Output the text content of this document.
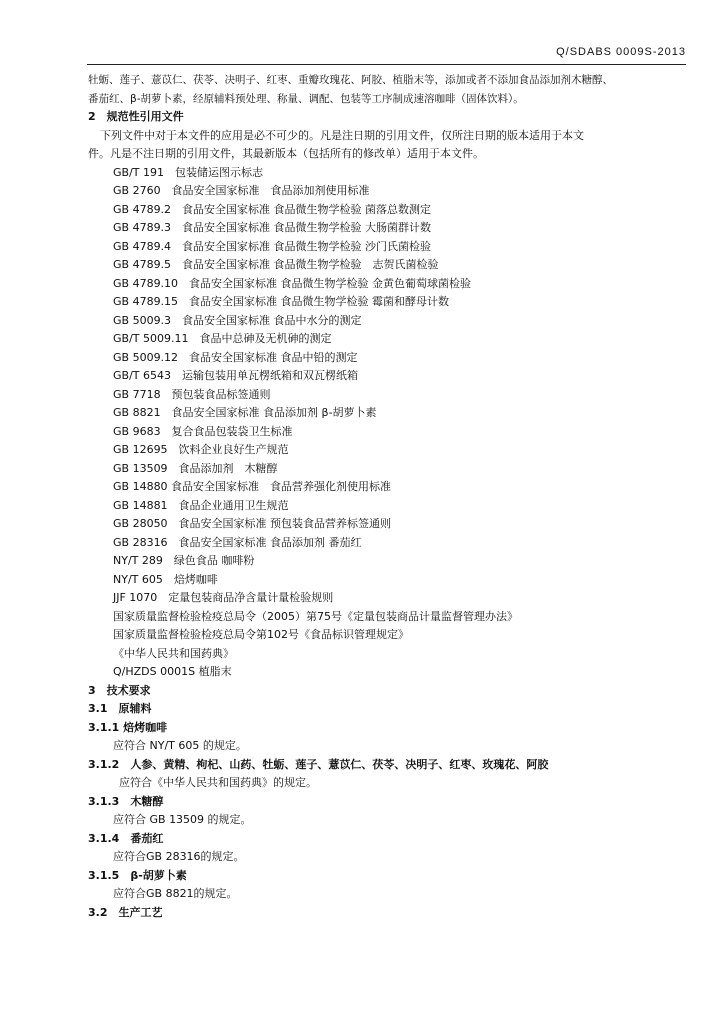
Q/SDABS 0009S-2013
牡蛎、莲子、薏苡仁、茯苓、决明子、红枣、重瓣玫瑰花、阿胶、植脂末等，添加或者不添加食品添加剂木糖醇、
番茄红、β-胡萝卜素，经原辅料预处理、称量、调配、包装等工序制成速溶咖啡（固体饮料）。
2　规范性引用文件
下列文件中对于本文件的应用是必不可少的。凡是注日期的引用文件，仅所注日期的版本适用于本文
件。凡是不注日期的引用文件，其最新版本（包括所有的修改单）适用于本文件。
GB/T 191　包装储运图示标志
GB 2760　食品安全国家标准　食品添加剂使用标准
GB 4789.2　食品安全国家标准 食品微生物学检验 菌落总数测定
GB 4789.3　食品安全国家标准 食品微生物学检验 大肠菌群计数
GB 4789.4　食品安全国家标准 食品微生物学检验 沙门氏菌检验
GB 4789.5　食品安全国家标准 食品微生物学检验　志贺氏菌检验
GB 4789.10　食品安全国家标准 食品微生物学检验 金黄色葡萄球菌检验
GB 4789.15　食品安全国家标准 食品微生物学检验 霉菌和酵母计数
GB 5009.3　食品安全国家标准 食品中水分的测定
GB/T 5009.11　食品中总砷及无机砷的测定
GB 5009.12　食品安全国家标准 食品中铅的测定
GB/T 6543　运输包装用单瓦楞纸箱和双瓦楞纸箱
GB 7718　预包装食品标签通则
GB 8821　食品安全国家标准 食品添加剂 β-胡萝卜素
GB 9683　复合食品包装袋卫生标准
GB 12695　饮料企业良好生产规范
GB 13509　食品添加剂　木糖醇
GB 14880 食品安全国家标准　食品营养强化剂使用标准
GB 14881　食品企业通用卫生规范
GB 28050　食品安全国家标准 预包装食品营养标签通则
GB 28316　食品安全国家标准 食品添加剂 番茄红
NY/T 289　绿色食品 咖啡粉
NY/T 605　焙烤咖啡
JJF 1070　定量包装商品净含量计量检验规则
国家质量监督检验检疫总局令（2005）第75号《定量包装商品计量监督管理办法》
国家质量监督检验检疫总局令第102号《食品标识管理规定》
《中华人民共和国药典》
Q/HZDS 0001S 植脂末
3　技术要求
3.1　原辅料
3.1.1 焙烤咖啡
应符合 NY/T 605 的规定。
3.1.2　人参、黄精、枸杞、山药、牡蛎、莲子、薏苡仁、茯苓、决明子、红枣、玫瑰花、阿胶
应符合《中华人民共和国药典》的规定。
3.1.3　木糖醇
应符合 GB 13509 的规定。
3.1.4　番茄红
应符合GB 28316的规定。
3.1.5　β-胡萝卜素
应符合GB 8821的规定。
3.2　生产工艺
